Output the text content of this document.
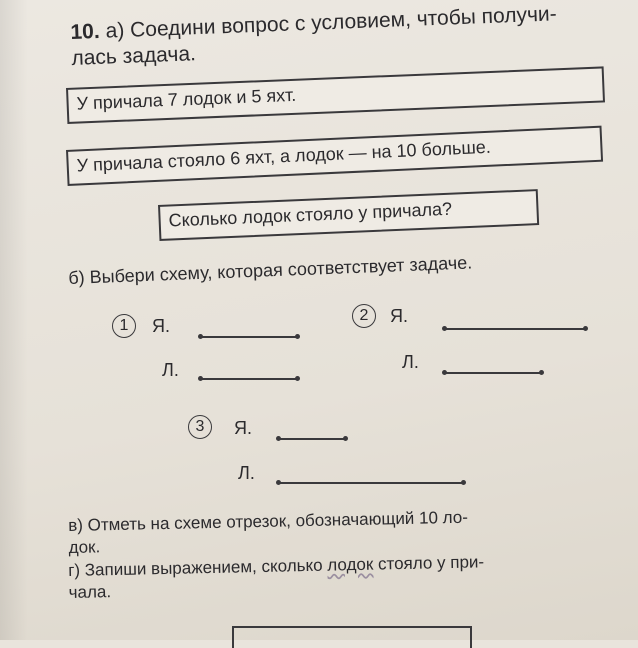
10. а) Соедини вопрос с условием, чтобы получи-
лась задача.
У причала 7 лодок и 5 яхт.
У причала стояло 6 яхт, а лодок — на 10 больше.
Сколько лодок стояло у причала?
б) Выбери схему, которая соответствует задаче.
1	Я.
Л.
2	Я.
Л.
3	Я.
Л.
в) Отметь на схеме отрезок, обозначающий 10 ло-
док.
г) Запиши выражением, сколько лодок стояло у при-
чала.
